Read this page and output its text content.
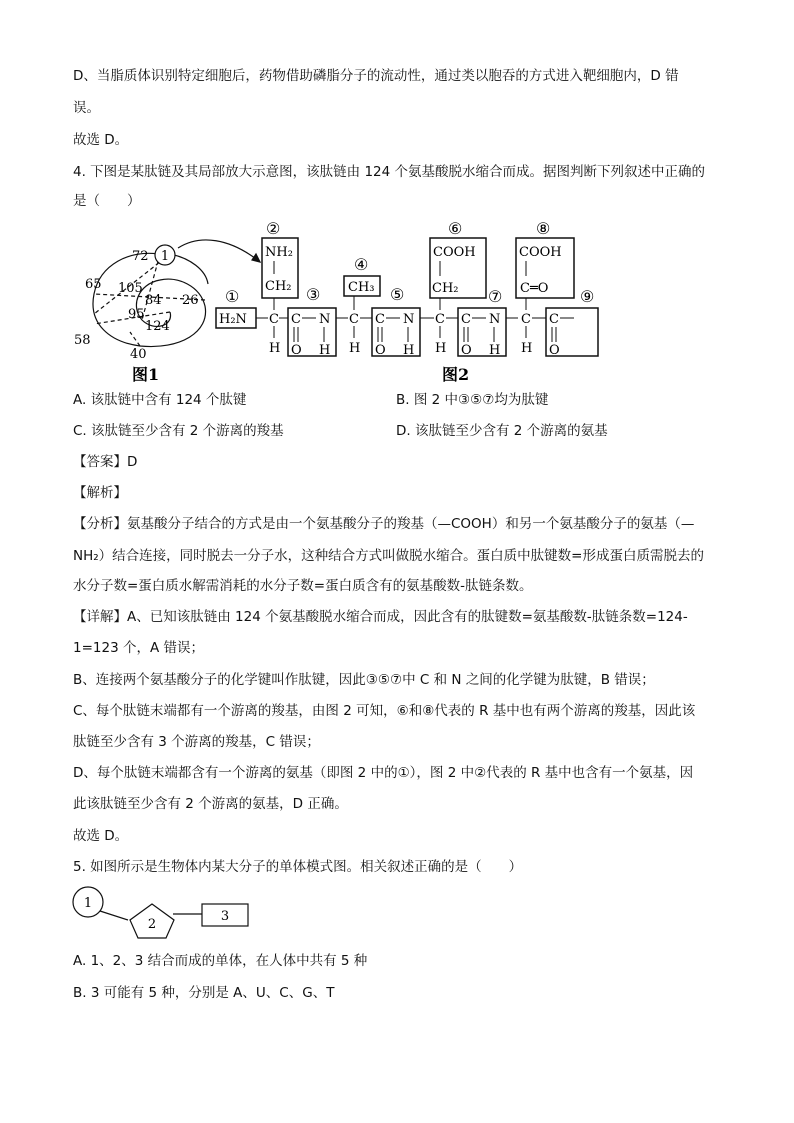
D、当脂质体识别特定细胞后，药物借助磷脂分子的流动性，通过类以胞吞的方式进入靶细胞内，D 错
误。
故选 D。
4. 下图是某肽链及其局部放大示意图，该肽链由 124 个氨基酸脱水缩合而成。据图判断下列叙述中正确的
是（　　）
1
72
65 105
84 26
95
124
58
40
图1
①
H₂N
②
NH₂
CH₂
C
H
③
C N
O H
④
CH₃
C
H
⑤
C N
O H
⑥
COOH
CH₂
C
H
⑦
C N
O H
⑧
COOH
C═O
C
H
⑨
C
O
图2
A. 该肽链中含有 124 个肽键	B. 图 2 中③⑤⑦均为肽键
C. 该肽链至少含有 2 个游离的羧基	D. 该肽链至少含有 2 个游离的氨基
【答案】D
【解析】
【分析】氨基酸分子结合的方式是由一个氨基酸分子的羧基（—COOH）和另一个氨基酸分子的氨基（—
NH₂）结合连接，同时脱去一分子水，这种结合方式叫做脱水缩合。蛋白质中肽键数=形成蛋白质需脱去的
水分子数=蛋白质水解需消耗的水分子数=蛋白质含有的氨基酸数-肽链条数。
【详解】A、已知该肽链由 124 个氨基酸脱水缩合而成，因此含有的肽键数=氨基酸数-肽链条数=124-
1=123 个，A 错误；
B、连接两个氨基酸分子的化学键叫作肽键，因此③⑤⑦中 C 和 N 之间的化学键为肽键，B 错误；
C、每个肽链末端都有一个游离的羧基，由图 2 可知，⑥和⑧代表的 R 基中也有两个游离的羧基，因此该
肽链至少含有 3 个游离的羧基，C 错误；
D、每个肽链末端都含有一个游离的氨基（即图 2 中的①），图 2 中②代表的 R 基中也含有一个氨基，因
此该肽链至少含有 2 个游离的氨基，D 正确。
故选 D。
5. 如图所示是生物体内某大分子的单体模式图。相关叙述正确的是（　　）
1
2
3
A. 1、2、3 结合而成的单体，在人体中共有 5 种
B. 3 可能有 5 种，分别是 A、U、C、G、T
